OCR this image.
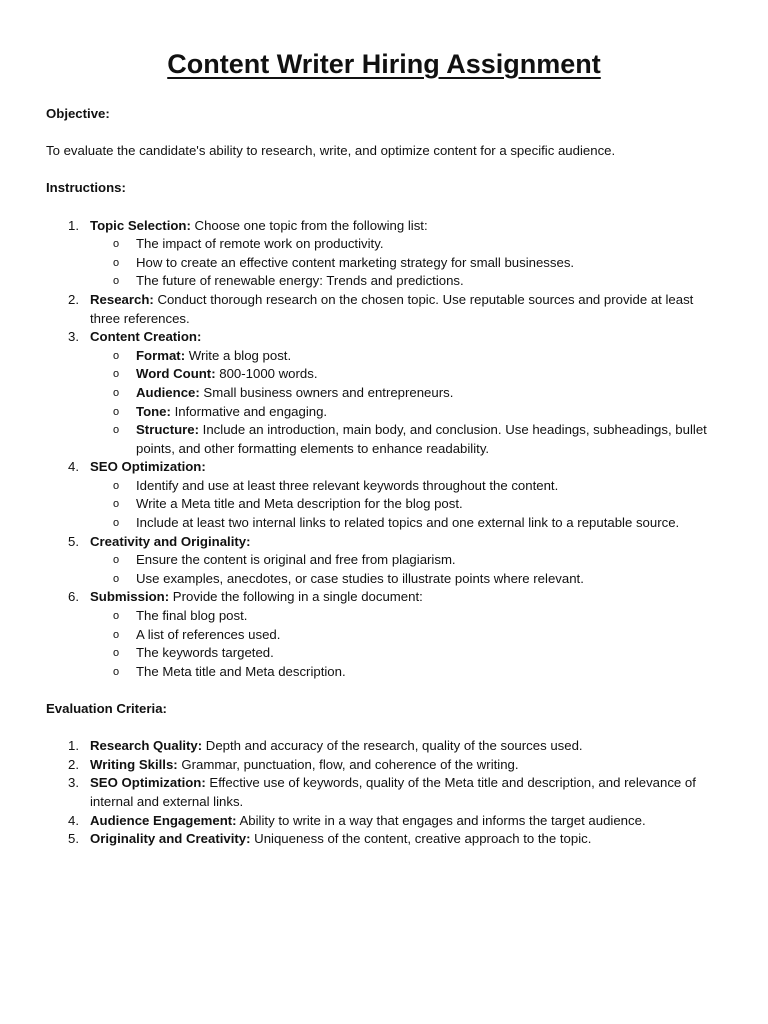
Content Writer Hiring Assignment

Objective:

To evaluate the candidate's ability to research, write, and optimize content for a specific audience.

Instructions:

1. Topic Selection: Choose one topic from the following list:
o The impact of remote work on productivity.
o How to create an effective content marketing strategy for small businesses.
o The future of renewable energy: Trends and predictions.
2. Research: Conduct thorough research on the chosen topic. Use reputable sources and provide at least three references.
3. Content Creation:
o Format: Write a blog post.
o Word Count: 800-1000 words.
o Audience: Small business owners and entrepreneurs.
o Tone: Informative and engaging.
o Structure: Include an introduction, main body, and conclusion. Use headings, subheadings, bullet points, and other formatting elements to enhance readability.
4. SEO Optimization:
o Identify and use at least three relevant keywords throughout the content.
o Write a Meta title and Meta description for the blog post.
o Include at least two internal links to related topics and one external link to a reputable source.
5. Creativity and Originality:
o Ensure the content is original and free from plagiarism.
o Use examples, anecdotes, or case studies to illustrate points where relevant.
6. Submission: Provide the following in a single document:
o The final blog post.
o A list of references used.
o The keywords targeted.
o The Meta title and Meta description.

Evaluation Criteria:

1. Research Quality: Depth and accuracy of the research, quality of the sources used.
2. Writing Skills: Grammar, punctuation, flow, and coherence of the writing.
3. SEO Optimization: Effective use of keywords, quality of the Meta title and description, and relevance of internal and external links.
4. Audience Engagement: Ability to write in a way that engages and informs the target audience.
5. Originality and Creativity: Uniqueness of the content, creative approach to the topic.
